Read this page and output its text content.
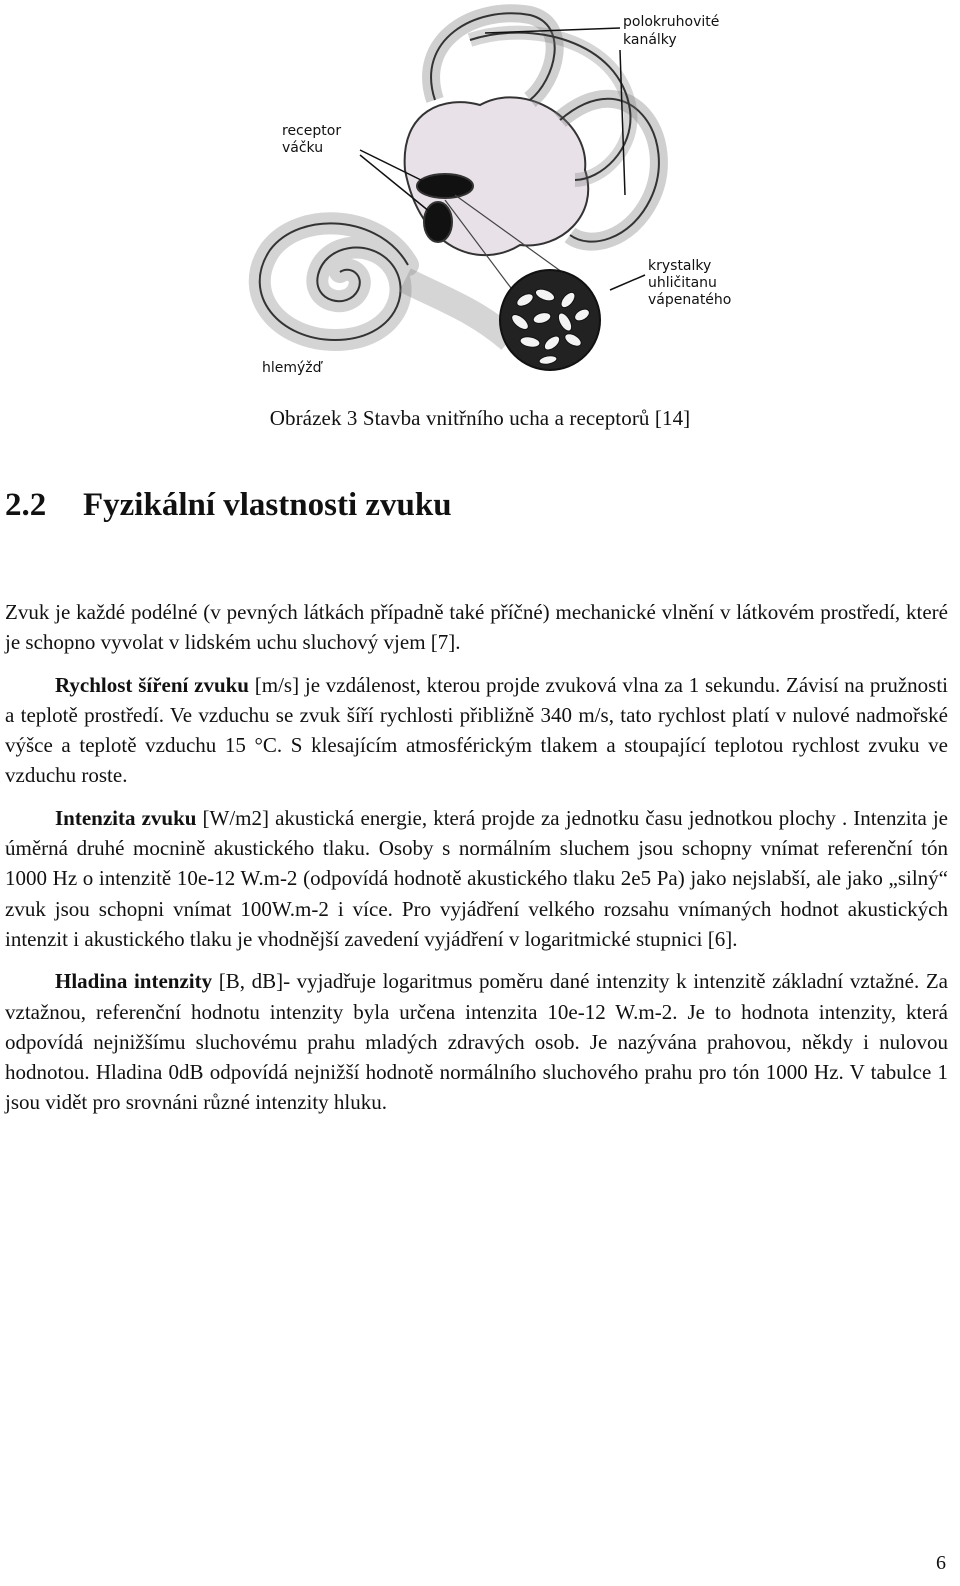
polokruhovité
kanálky
receptor
váčku
krystalky
uhličitanu
vápenatého
hlemýžď
Obrázek 3 Stavba vnitřního ucha a receptorů [14]
2.2 Fyzikální vlastnosti zvuku

Zvuk je každé podélné (v pevných látkách případně také příčné) mechanické vlnění v látkovém prostředí, které je schopno vyvolat v lidském uchu sluchový vjem [7].

Rychlost šíření zvuku [m/s] je vzdálenost, kterou projde zvuková vlna za 1 sekundu. Závisí na pružnosti a teplotě prostředí. Ve vzduchu se zvuk šíří rychlosti přibližně 340 m/s, tato rychlost platí v nulové nadmořské výšce a teplotě vzduchu 15 °C. S klesajícím atmosférickým tlakem a stoupající teplotou rychlost zvuku ve vzduchu roste.

Intenzita zvuku [W/m2] akustická energie, která projde za jednotku času jednotkou plochy . Intenzita je úměrná druhé mocnině akustického tlaku. Osoby s normálním sluchem jsou schopny vnímat referenční tón 1000 Hz o intenzitě 10e-12 W.m-2 (odpovídá hodnotě akustického tlaku 2e5 Pa) jako nejslabší, ale jako „silný“ zvuk jsou schopni vnímat 100W.m-2 i více. Pro vyjádření velkého rozsahu vnímaných hodnot akustických intenzit i akustického tlaku je vhodnější zavedení vyjádření v logaritmické stupnici [6].

Hladina intenzity [B, dB]- vyjadřuje logaritmus poměru dané intenzity k intenzitě základní vztažné. Za vztažnou, referenční hodnotu intenzity byla určena intenzita 10e-12 W.m-2. Je to hodnota intenzity, která odpovídá nejnižšímu sluchovému prahu mladých zdravých osob. Je nazývána prahovou, někdy i nulovou hodnotou. Hladina 0dB odpovídá nejnižší hodnotě normálního sluchového prahu pro tón 1000 Hz. V tabulce 1 jsou vidět pro srovnáni různé intenzity hluku.

6
